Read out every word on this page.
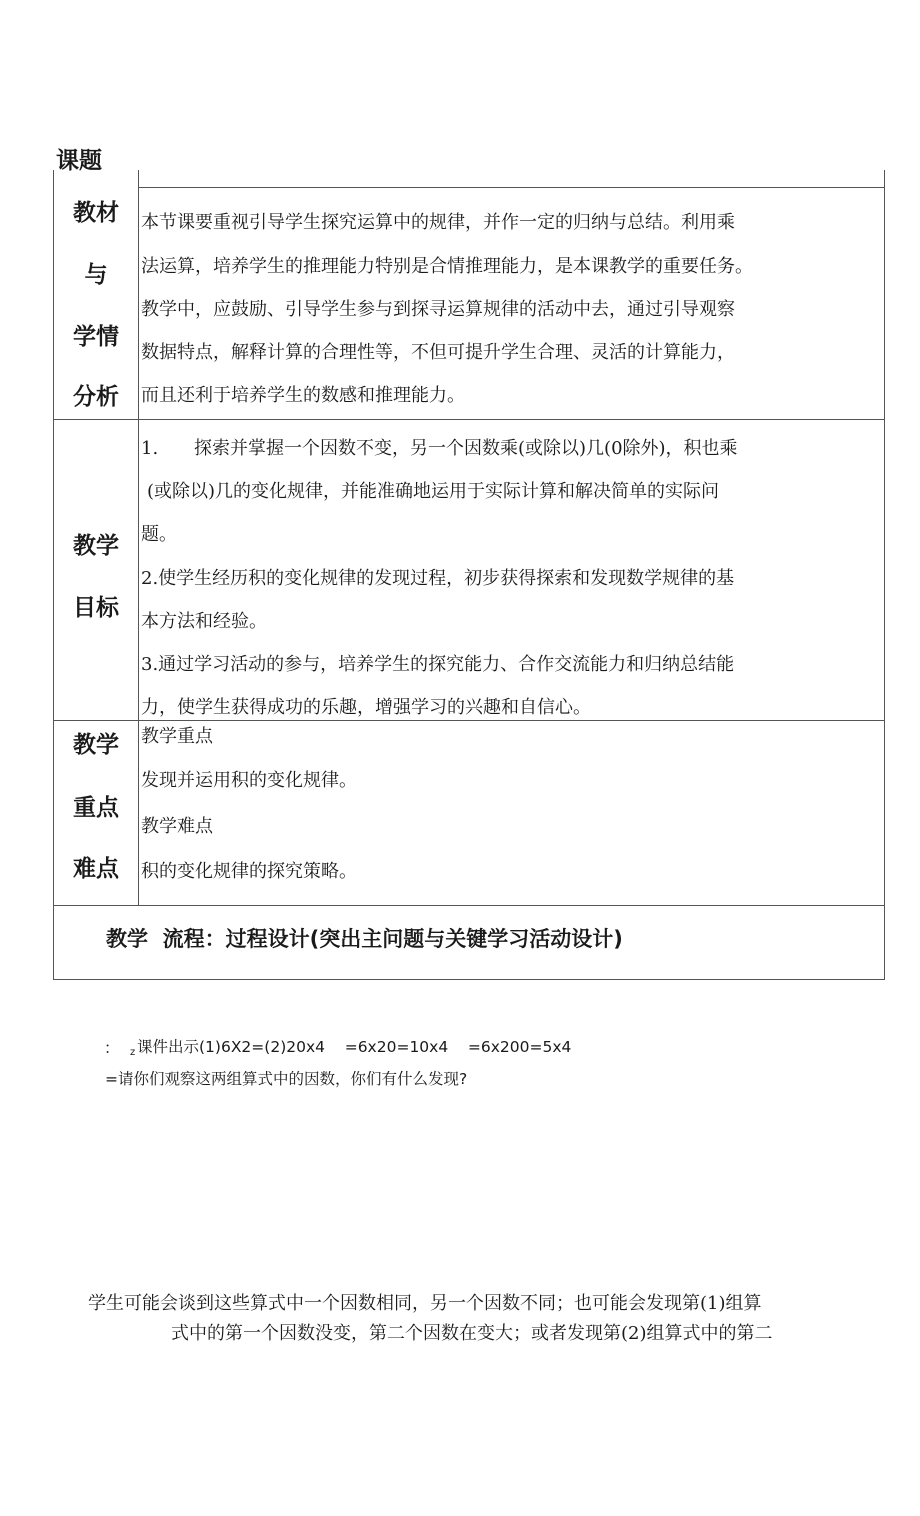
课题
教材
与
学情
分析
本节课要重视引导学生探究运算中的规律，并作一定的归纳与总结。利用乘
法运算，培养学生的推理能力特别是合情推理能力，是本课教学的重要任务。
教学中，应鼓励、引导学生参与到探寻运算规律的活动中去，通过引导观察
数据特点，解释计算的合理性等，不但可提升学生合理、灵活的计算能力，
而且还利于培养学生的数感和推理能力。
教学
目标
1. 探索并掌握一个因数不变，另一个因数乘(或除以)几(0除外)，积也乘
(或除以)几的变化规律，并能准确地运用于实际计算和解决简单的实际问
题。
2.使学生经历积的变化规律的发现过程，初步获得探索和发现数学规律的基
本方法和经验。
3.通过学习活动的参与，培养学生的探究能力、合作交流能力和归纳总结能
力，使学生获得成功的乐趣，增强学习的兴趣和自信心。
教学
重点
难点
教学重点
发现并运用积的变化规律。
教学难点
积的变化规律的探究策略。
教学  流程：过程设计(突出主问题与关键学习活动设计)
： z 课件出示(1)6X2=(2)20x4    =6x20=10x4    =6x200=5x4
=请你们观察这两组算式中的因数，你们有什么发现?
学生可能会谈到这些算式中一个因数相同，另一个因数不同；也可能会发现第(1)组算
式中的第一个因数没变，第二个因数在变大；或者发现第(2)组算式中的第二
